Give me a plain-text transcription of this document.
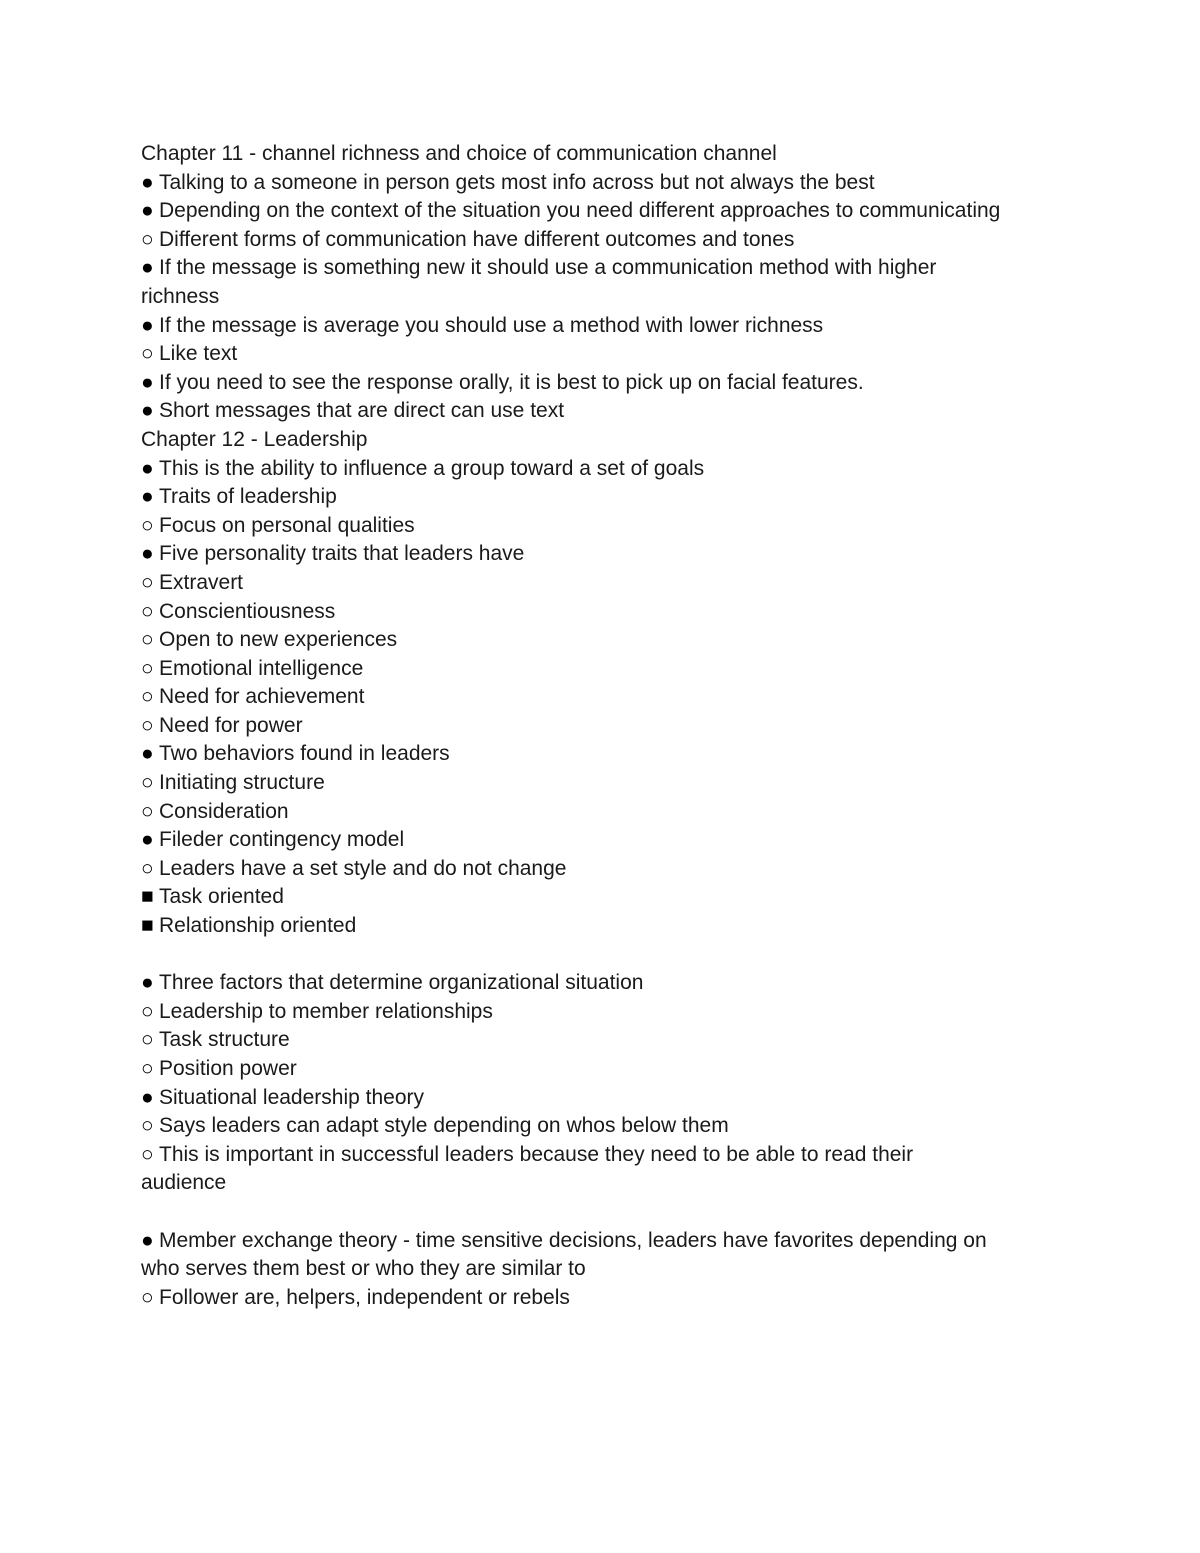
Chapter 11 - channel richness and choice of communication channel

● Talking to a someone in person gets most info across but not always the best

● Depending on the context of the situation you need different approaches to communicating

○ Different forms of communication have different outcomes and tones

● If the message is something new it should use a communication method with higher richness

● If the message is average you should use a method with lower richness

○ Like text

● If you need to see the response orally, it is best to pick up on facial features.

● Short messages that are direct can use text

Chapter 12 - Leadership

● This is the ability to influence a group toward a set of goals

● Traits of leadership

○ Focus on personal qualities

● Five personality traits that leaders have

○ Extravert

○ Conscientiousness

○ Open to new experiences

○ Emotional intelligence

○ Need for achievement

○ Need for power

● Two behaviors found in leaders

○ Initiating structure

○ Consideration

● Fileder contingency model

○ Leaders have a set style and do not change

■ Task oriented

■ Relationship oriented

● Three factors that determine organizational situation

○ Leadership to member relationships

○ Task structure

○ Position power

● Situational leadership theory

○ Says leaders can adapt style depending on whos below them

○ This is important in successful leaders because they need to be able to read their audience

● Member exchange theory - time sensitive decisions, leaders have favorites depending on who serves them best or who they are similar to

○ Follower are, helpers, independent or rebels
